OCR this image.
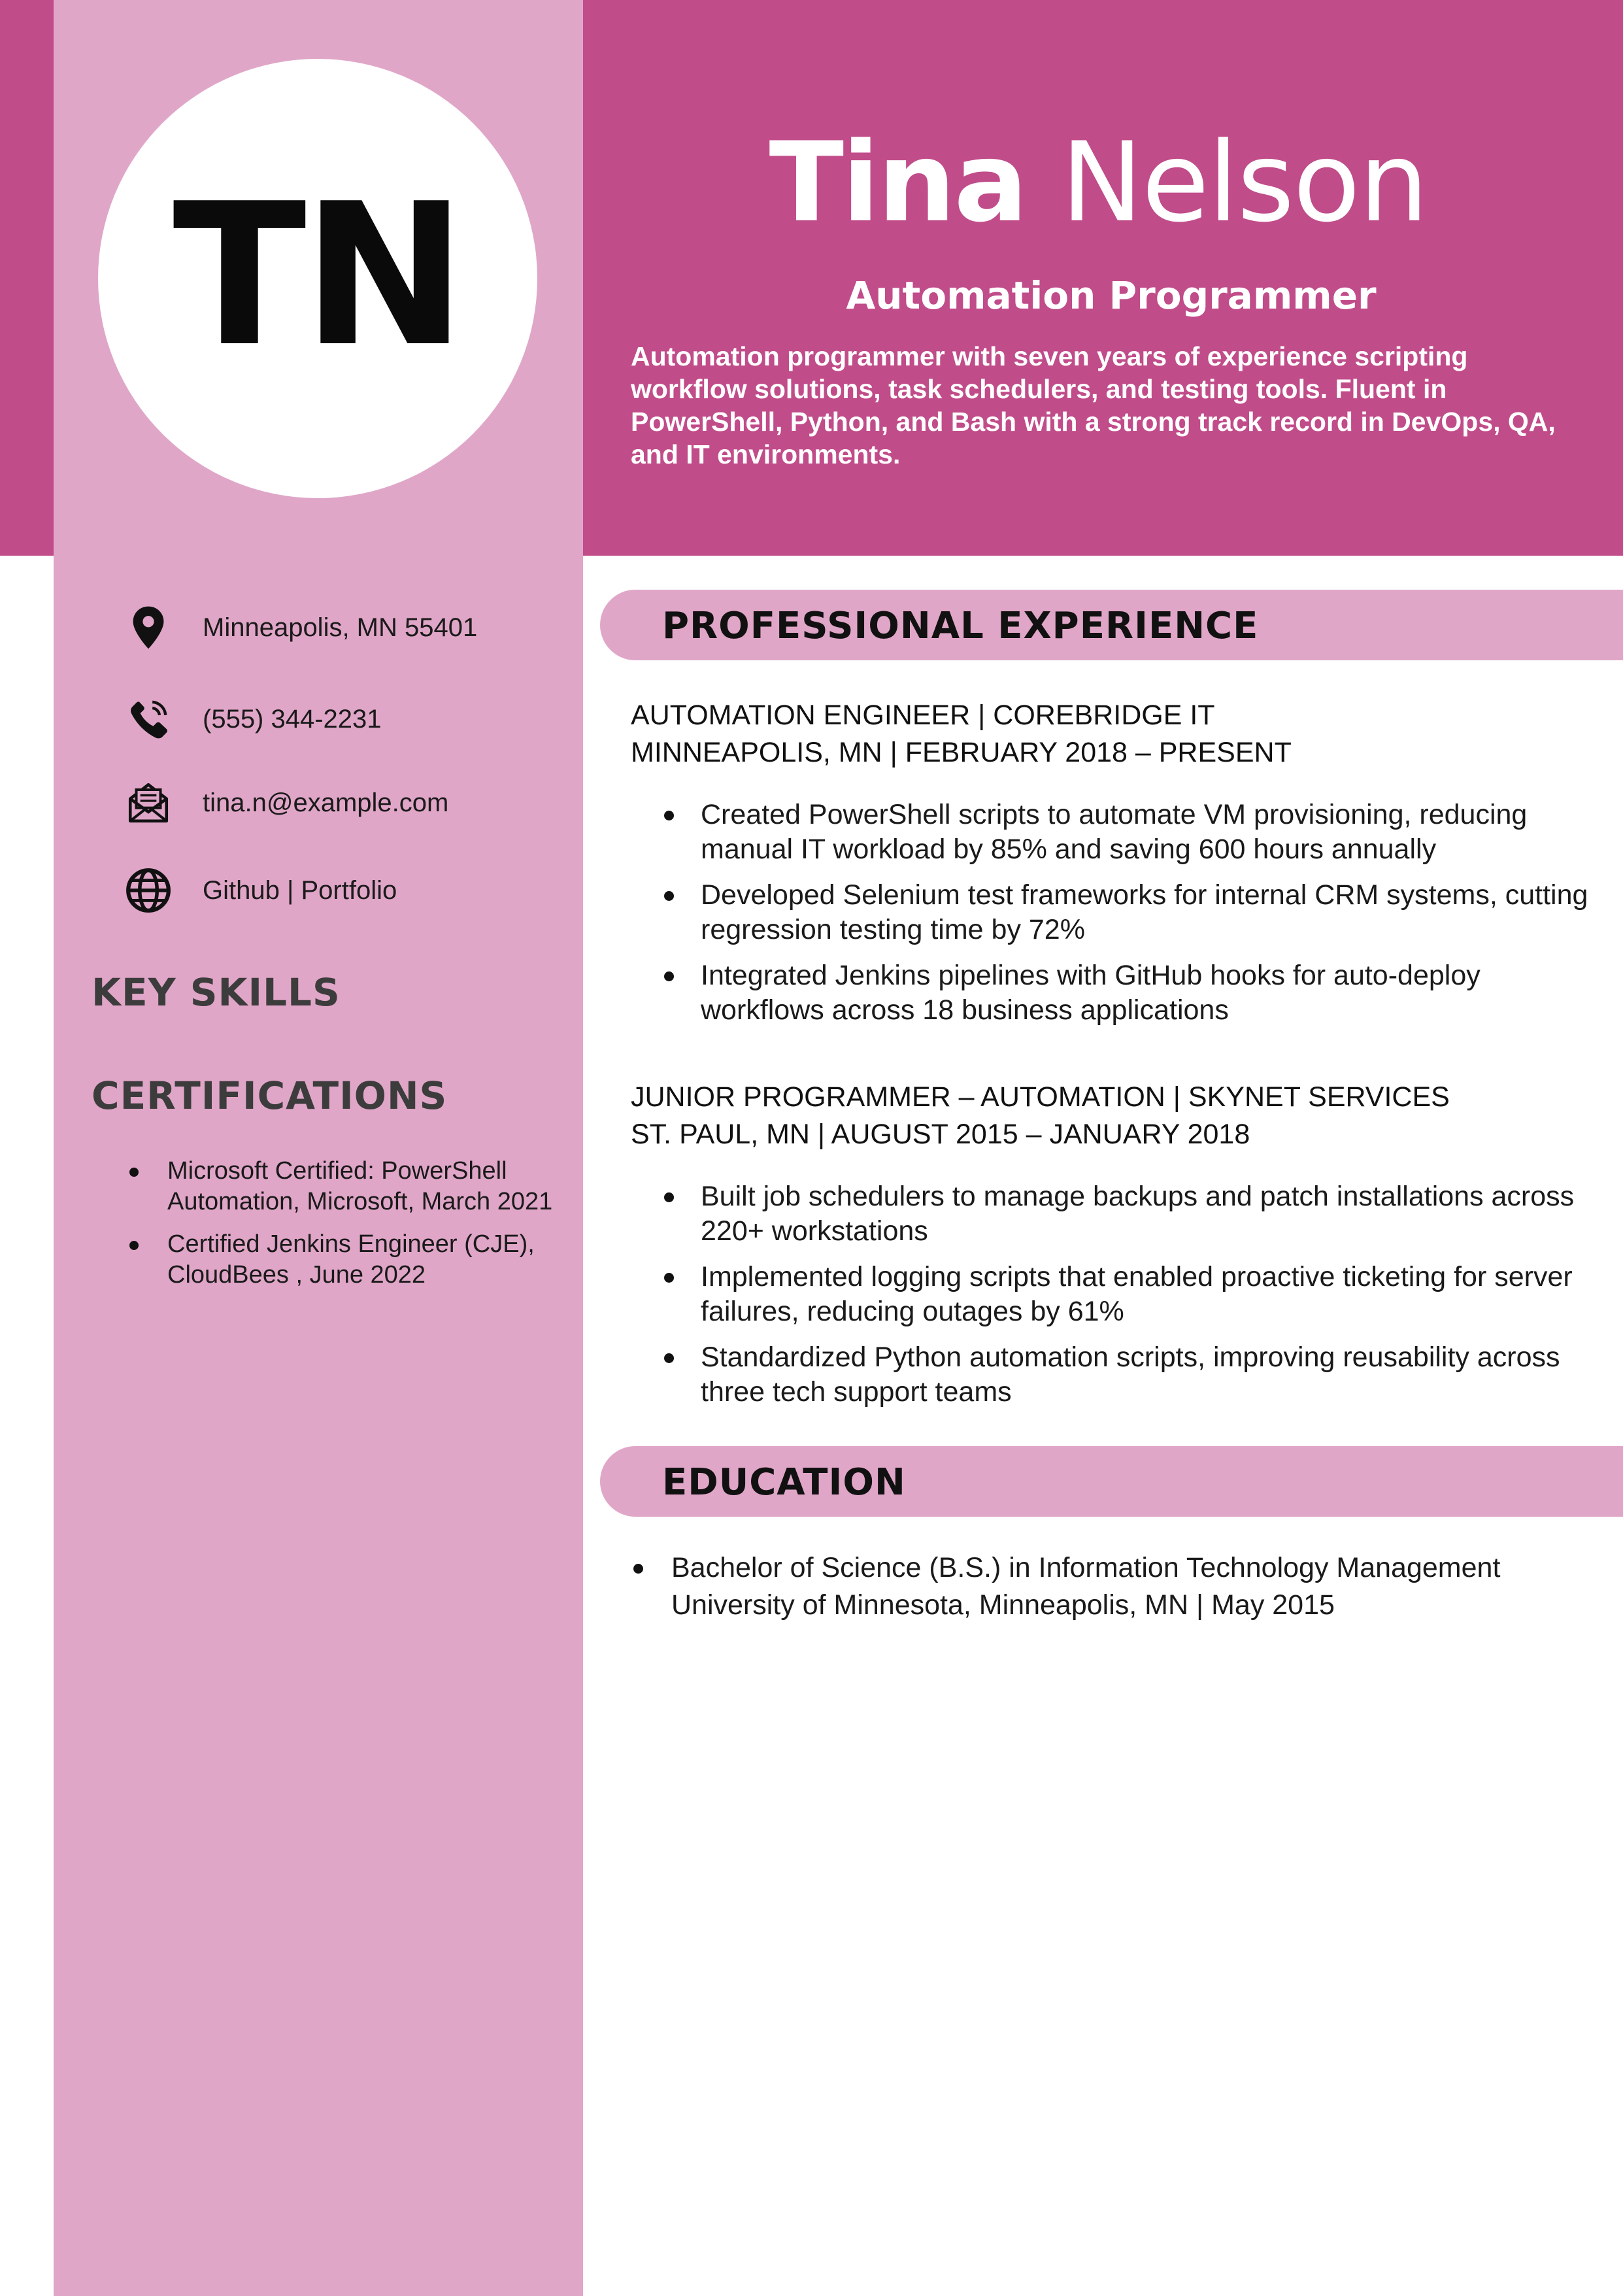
TN
Minneapolis, MN 55401
(555) 344-2231
tina.n@example.com
Github | Portfolio
KEY SKILLS
CERTIFICATIONS
Microsoft Certified: PowerShell Automation, Microsoft, March 2021
Certified Jenkins Engineer (CJE), CloudBees , June 2022
Tina Nelson
Automation Programmer
Automation programmer with seven years of experience scripting workflow solutions, task schedulers, and testing tools. Fluent in PowerShell, Python, and Bash with a strong track record in DevOps, QA, and IT environments.
PROFESSIONAL EXPERIENCE
AUTOMATION ENGINEER | COREBRIDGE IT
MINNEAPOLIS, MN | FEBRUARY 2018 – PRESENT
Created PowerShell scripts to automate VM provisioning, reducing manual IT workload by 85% and saving 600 hours annually
Developed Selenium test frameworks for internal CRM systems, cutting regression testing time by 72%
Integrated Jenkins pipelines with GitHub hooks for auto-deploy workflows across 18 business applications
JUNIOR PROGRAMMER – AUTOMATION | SKYNET SERVICES
ST. PAUL, MN | AUGUST 2015 – JANUARY 2018
Built job schedulers to manage backups and patch installations across 220+ workstations
Implemented logging scripts that enabled proactive ticketing for server failures, reducing outages by 61%
Standardized Python automation scripts, improving reusability across three tech support teams
EDUCATION
Bachelor of Science (B.S.) in Information Technology Management
University of Minnesota, Minneapolis, MN | May 2015
